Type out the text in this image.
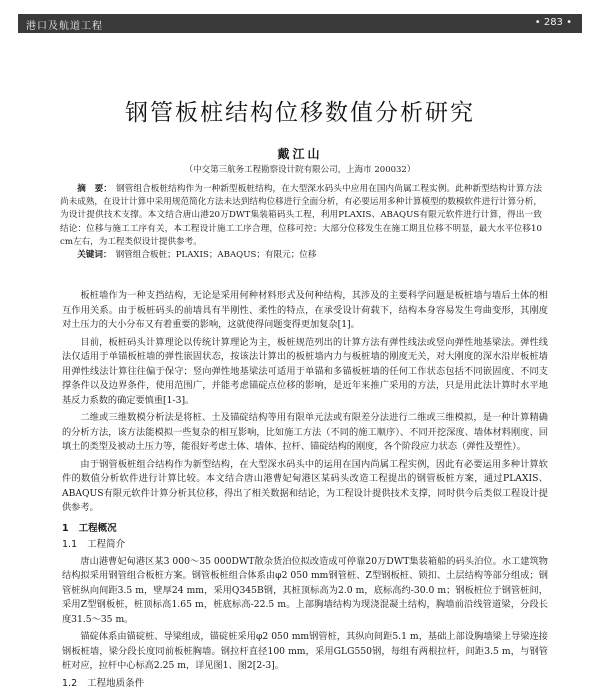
港口及航道工程	• 283 •
钢管板桩结构位移数值分析研究
戴江山
（中交第三航务工程勘察设计院有限公司，上海市 200032）
摘　要： 钢管组合板桩结构作为一种新型板桩结构，在大型深水码头中应用在国内尚属工程实例。此种新型结构计算方法尚未成熟，在设计计算中采用规范简化方法未达到结构位移进行全面分析，有必要运用多种计算模型的数模软件进行计算分析，为设计提供技术支撑。本文结合唐山港20万DWT集装箱码头工程，利用PLAXIS、ABAQUS有限元软件进行计算，得出一致结论：位移与施工工序有关，本工程设计施工工序合理，位移可控；大部分位移发生在施工期且位移不明显，最大水平位移10 cm左右，为工程类似设计提供参考。
关键词： 钢管组合板桩；PLAXIS；ABAQUS；有限元；位移

板桩墙作为一种支挡结构，无论是采用何种材料形式及何种结构，其涉及的主要科学问题是板桩墙与墙后土体的相互作用关系。由于板桩码头的前墙具有半刚性、柔性的特点，在承受设计荷载下，结构本身容易发生弯曲变形，其刚度对土压力的大小分布又有着重要的影响，这就使得问题变得更加复杂[1]。

目前，板桩码头计算理论以传统计算理论为主，板桩规范列出的计算方法有弹性线法或竖向弹性地基梁法。弹性线法仅适用于单锚板桩墙的弹性嵌固状态，按该法计算出的板桩墙内力与板桩墙的刚度无关，对大刚度的深水沿岸板桩墙用弹性线法计算往往偏于保守；竖向弹性地基梁法可适用于单锚和多锚板桩墙的任何工作状态包括不同嵌固度、不同支撑条件以及边界条件，使用范围广，并能考虑锚碇点位移的影响，是近年来推广采用的方法，只是用此法计算时水平地基反力系数的确定要慎重[1-3]。

二维或三维数模分析法是将桩、土及锚碇结构等用有限单元法或有限差分法进行二维或三维模拟，是一种计算精确的分析方法，该方法能模拟一些复杂的相互影响，比如施工方法（不同的施工顺序）、不同开挖深度、墙体材料刚度、回填土的类型及被动土压力等，能很好考虑土体、墙体、拉杆、锚碇结构的刚度，各个阶段应力状态（弹性及塑性）。

由于钢管板桩组合结构作为新型结构，在大型深水码头中的运用在国内尚属工程实例，因此有必要运用多种计算软件的数值分析软件进行计算比较。本文结合唐山港曹妃甸港区某码头改造工程提出的钢管板桩方案，通过PLAXIS、ABAQUS有限元软件计算分析其位移，得出了相关数据和结论，为工程设计提供技术支撑，同时供今后类似工程设计提供参考。

1 工程概况
1.1 工程简介

唐山港曹妃甸港区某3 000～35 000DWT散杂货泊位拟改造成可停靠20万DWT集装箱船的码头泊位。水工建筑物结构拟采用钢管组合板桩方案。钢管板桩组合体系由φ2 050 mm钢管桩、Z型钢板桩、锁扣、土层结构等部分组成；钢管桩纵向间距3.5 m，壁厚24 mm，采用Q345B钢，其桩顶标高为2.0 m，底标高约-30.0 m；钢板桩位于钢管桩间，采用Z型钢板桩，桩顶标高1.65 m，桩底标高-22.5 m。上部胸墙结构为现浇混凝土结构，胸墙前沿线管道梁，分段长度31.5～35 m。

锚碇体系由锚碇桩、导梁组成，锚碇桩采用φ2 050 mm钢管桩，其纵向间距5.1 m，基础上部设胸墙梁上导梁连接钢板桩墙，梁分段长度同前板桩胸墙。钢拉杆直径100 mm，采用GLG550钢，每组有两根拉杆，间距3.5 m，与钢管桩对应，拉杆中心标高2.25 m，详见图1、图2[2-3]。

1.2 工程地质条件
